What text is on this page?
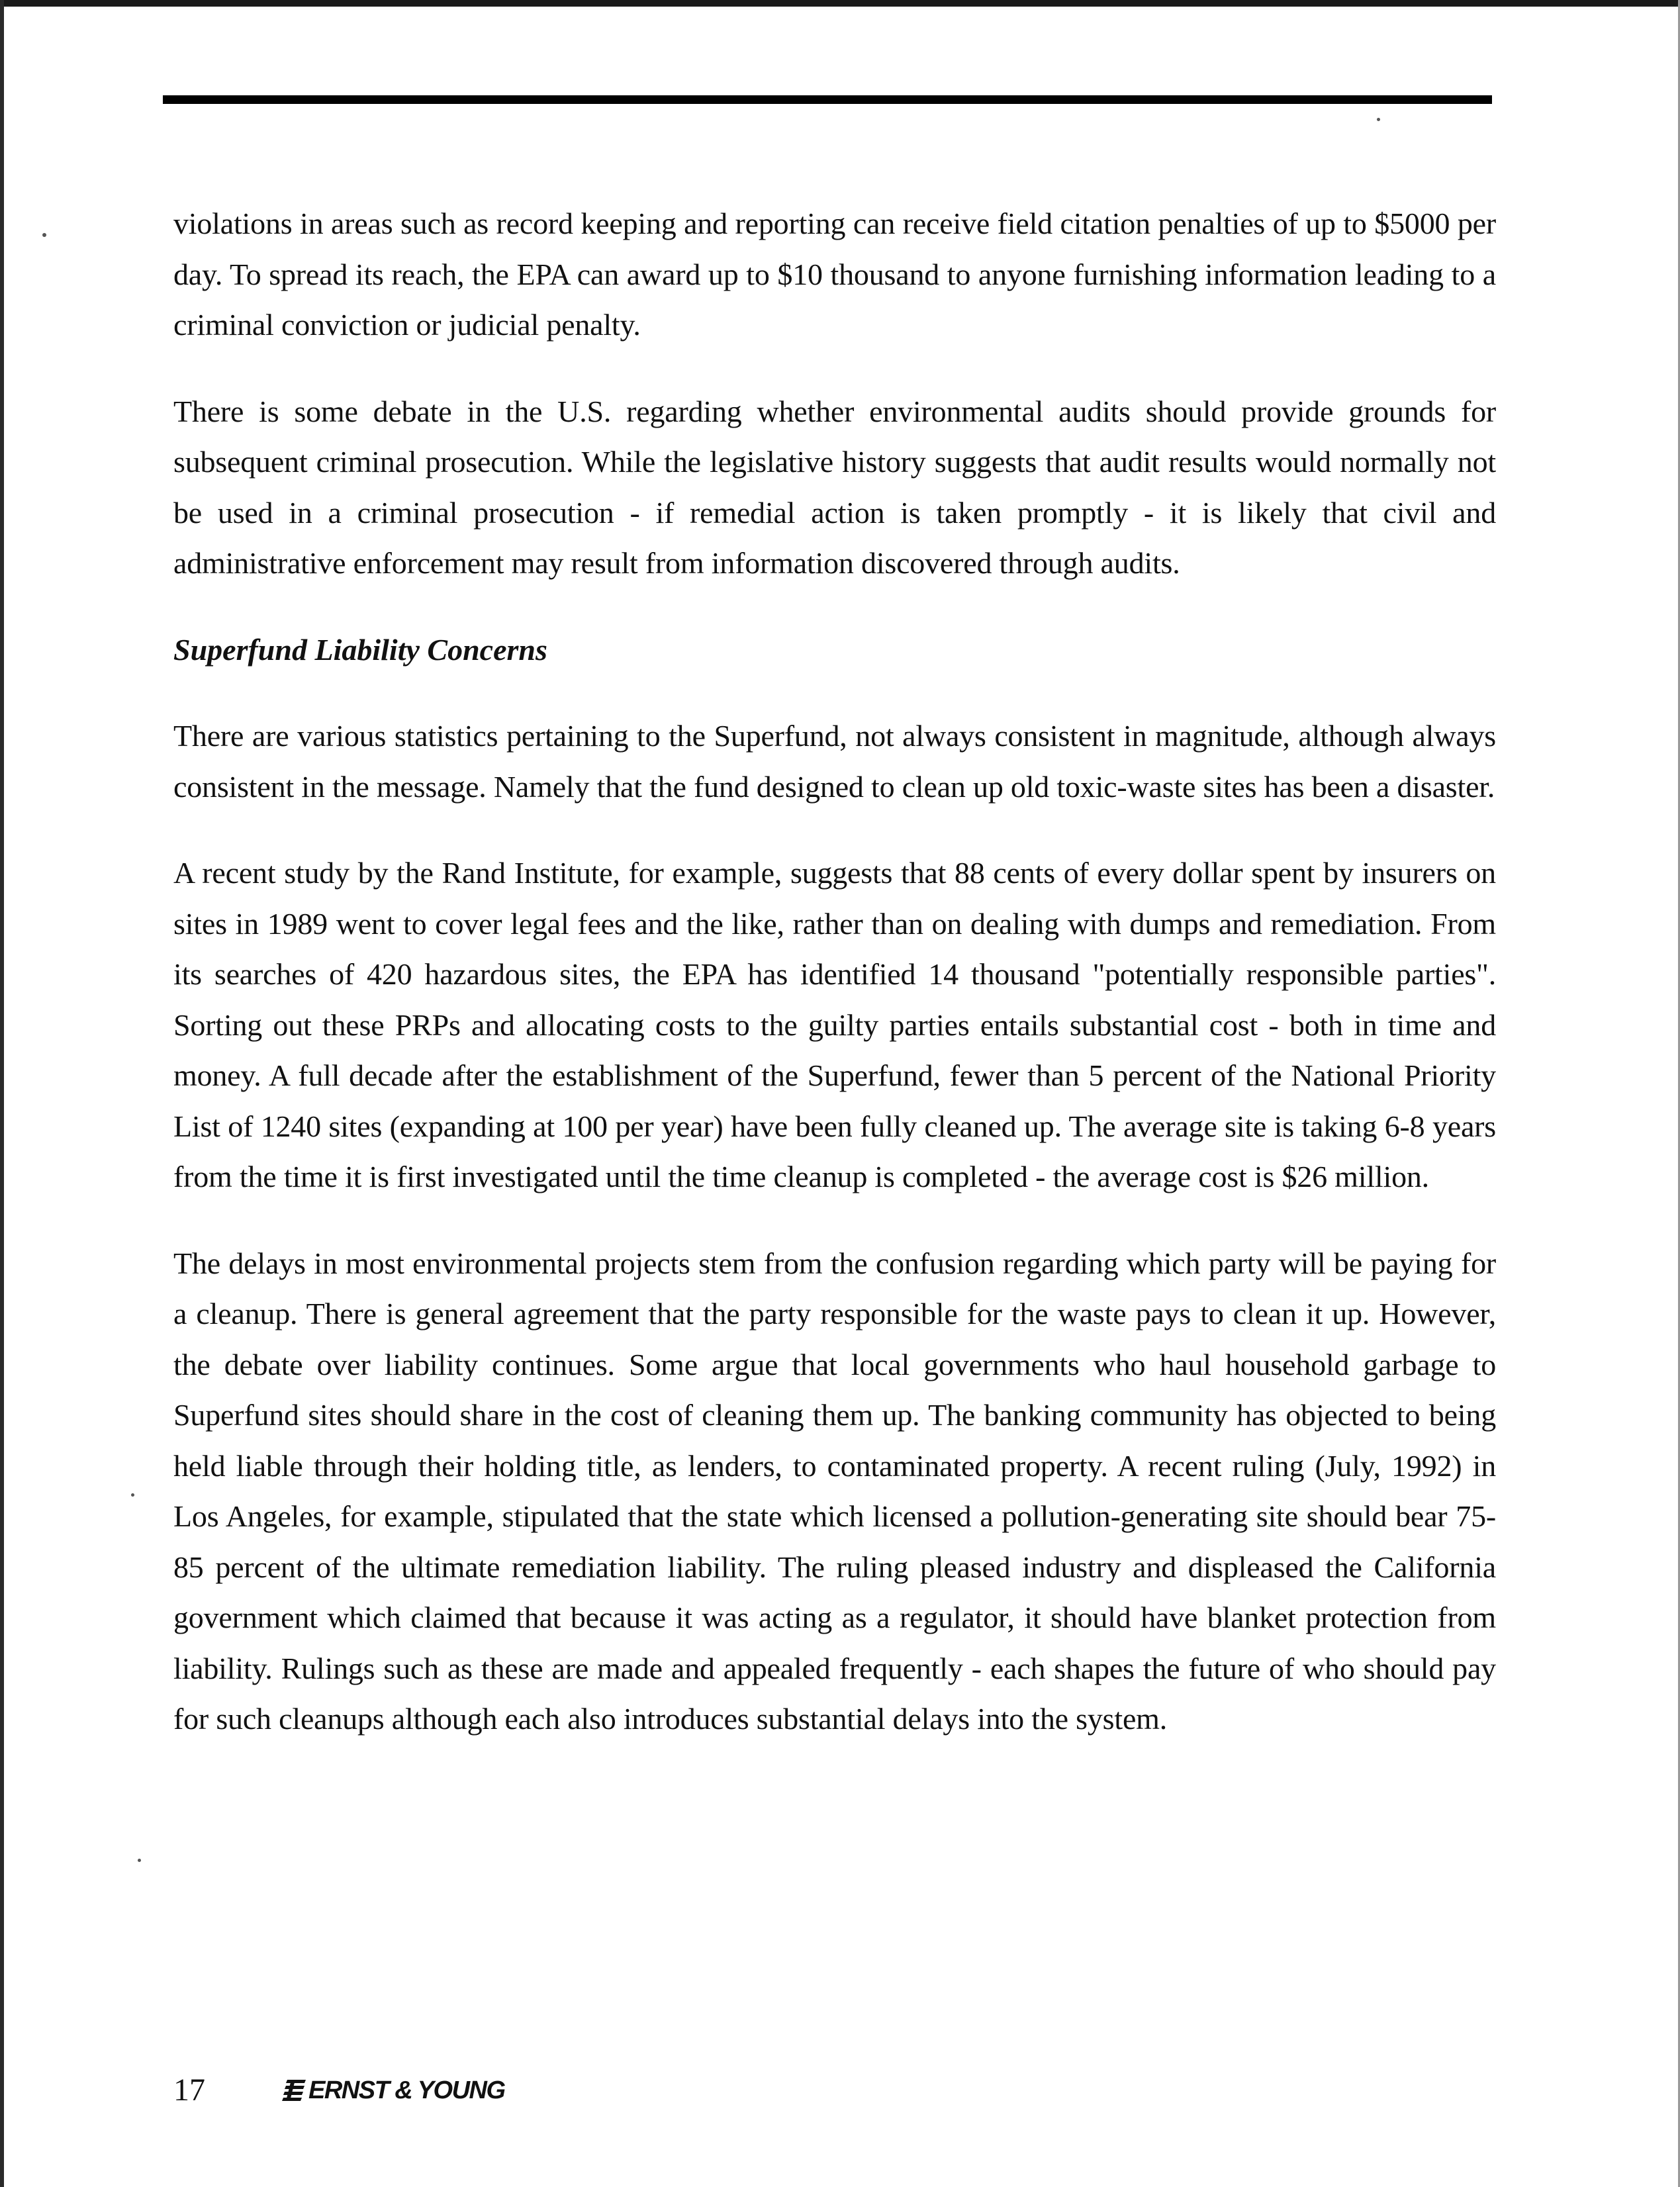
violations in areas such as record keeping and reporting can receive field citation penalties of up to $5000 per day. To spread its reach, the EPA can award up to $10 thousand to anyone furnishing information leading to a criminal conviction or judicial penalty.

There is some debate in the U.S. regarding whether environmental audits should provide grounds for subsequent criminal prosecution. While the legislative history suggests that audit results would normally not be used in a criminal prosecution - if remedial action is taken promptly - it is likely that civil and administrative enforcement may result from information discovered through audits.

Superfund Liability Concerns

There are various statistics pertaining to the Superfund, not always consistent in magnitude, although always consistent in the message. Namely that the fund designed to clean up old toxic-waste sites has been a disaster.

A recent study by the Rand Institute, for example, suggests that 88 cents of every dollar spent by insurers on sites in 1989 went to cover legal fees and the like, rather than on dealing with dumps and remediation. From its searches of 420 hazardous sites, the EPA has identified 14 thousand "potentially responsible parties". Sorting out these PRPs and allocating costs to the guilty parties entails substantial cost - both in time and money. A full decade after the establishment of the Superfund, fewer than 5 percent of the National Priority List of 1240 sites (expanding at 100 per year) have been fully cleaned up. The average site is taking 6-8 years from the time it is first investigated until the time cleanup is completed - the average cost is $26 million.

The delays in most environmental projects stem from the confusion regarding which party will be paying for a cleanup. There is general agreement that the party responsible for the waste pays to clean it up. However, the debate over liability continues. Some argue that local governments who haul household garbage to Superfund sites should share in the cost of cleaning them up. The banking community has objected to being held liable through their holding title, as lenders, to contaminated property. A recent ruling (July, 1992) in Los Angeles, for example, stipulated that the state which licensed a pollution-generating site should bear 75-85 percent of the ultimate remediation liability. The ruling pleased industry and displeased the California government which claimed that because it was acting as a regulator, it should have blanket protection from liability. Rulings such as these are made and appealed frequently - each shapes the future of who should pay for such cleanups although each also introduces substantial delays into the system.

17	ERNST & YOUNG
